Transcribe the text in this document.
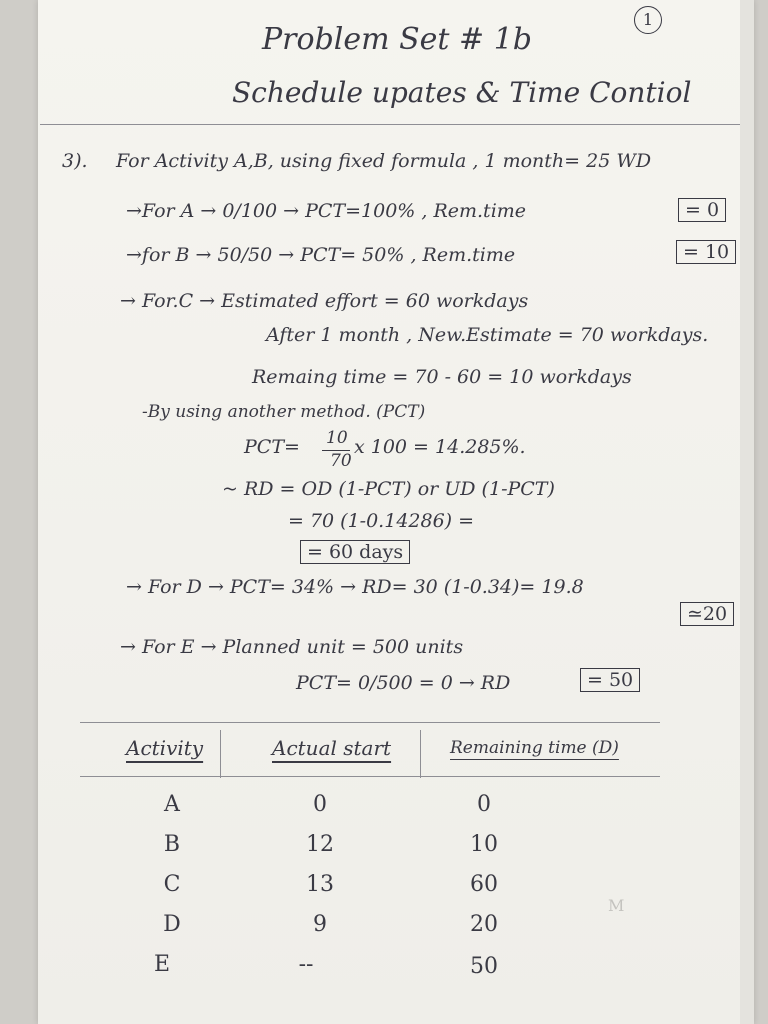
1
Problem Set # 1b
Schedule upates & Time Contiol
3). For Activity A,B, using fixed formula , 1 month= 25 WD
→For A → 0/100 → PCT=100% , Rem.time	= 0
→for B → 50/50 → PCT= 50% , Rem.time	= 10
→ For.C → Estimated effort = 60 workdays
After 1 month , New.Estimate = 70 workdays.
Remaing time = 70 - 60 = 10 workdays
-By using another method. (PCT)
PCT= 10
70
x 100 = 14.285%.
~ RD = OD (1-PCT) or UD (1-PCT)
= 70 (1-0.14286) =
= 60 days
→ For D → PCT= 34% → RD= 30 (1-0.34)= 19.8
≃20
→ For E → Planned unit = 500 units
PCT= 0/500 = 0 → RD	= 50
Activity	Actual start	Remaining time (D)
A	0	0
B	12	10
C	13	60
D	9	20
E	--	50
M
